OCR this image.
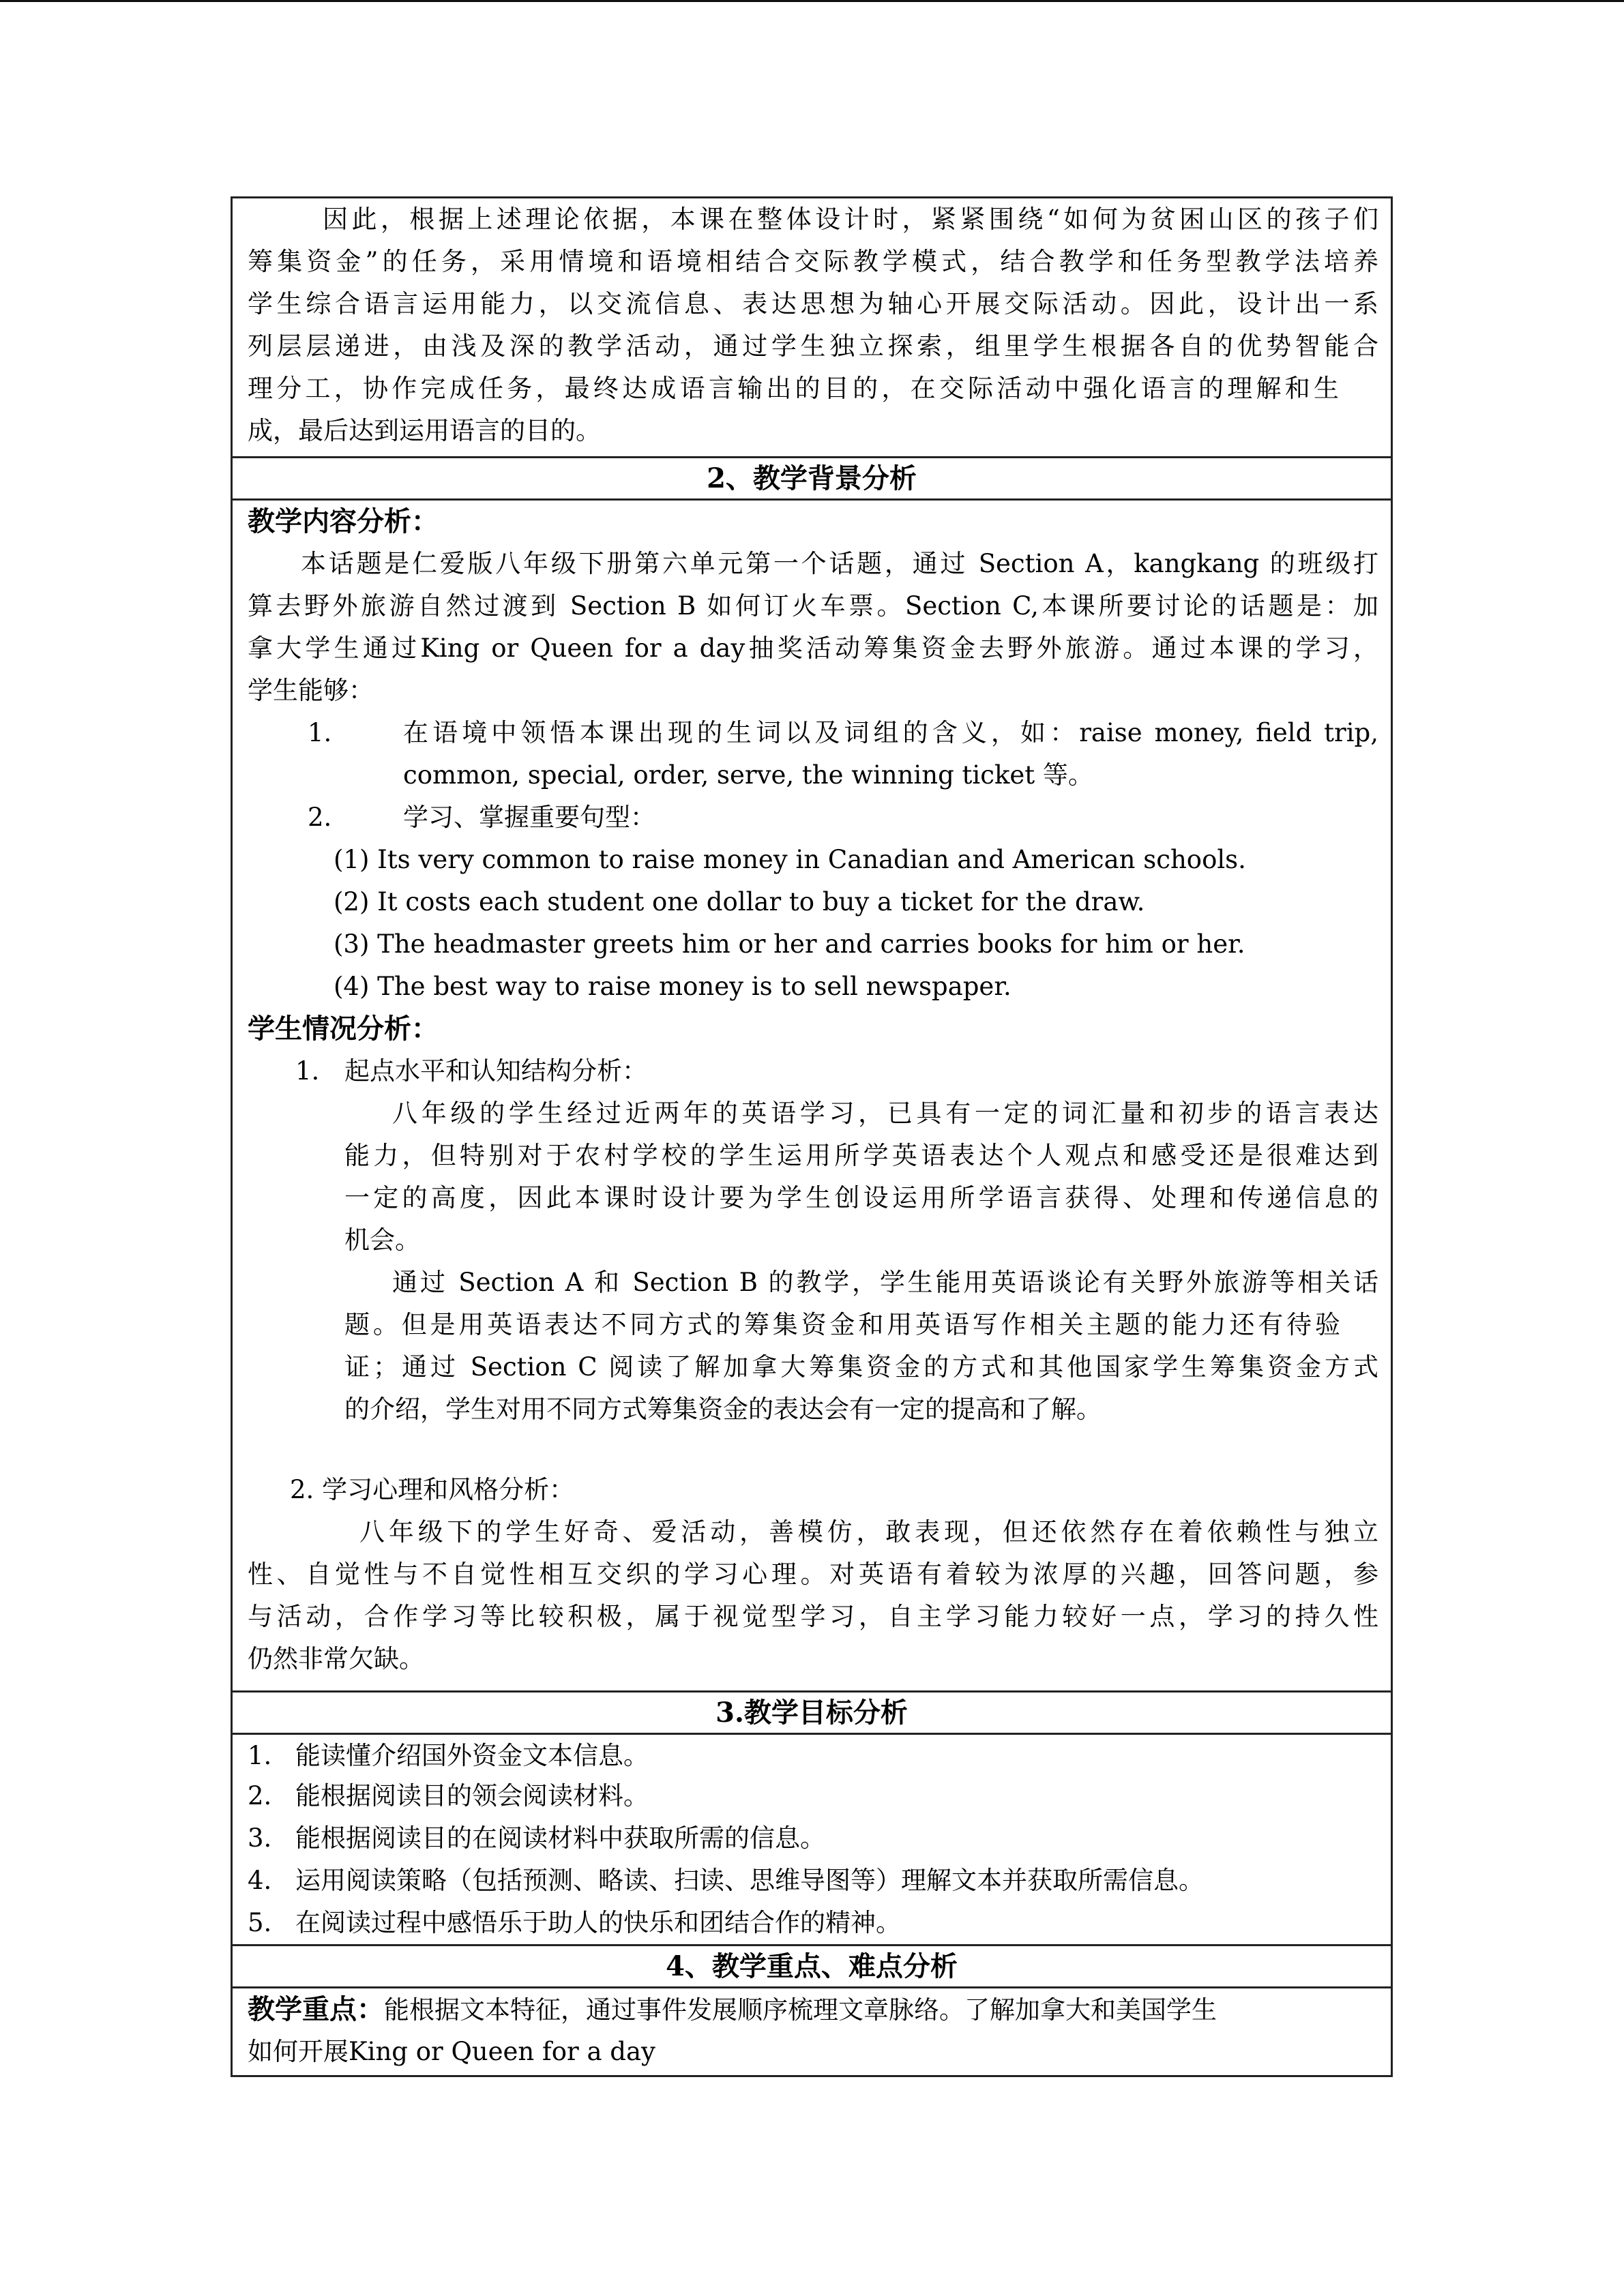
因此，根据上述理论依据，本课在整体设计时，紧紧围绕“如何为贫困山区的孩子们
筹集资金”的任务，采用情境和语境相结合交际教学模式，结合教学和任务型教学法培养
学生综合语言运用能力，以交流信息、表达思想为轴心开展交际活动。因此，设计出一系
列层层递进，由浅及深的教学活动，通过学生独立探索，组里学生根据各自的优势智能合
理分工，协作完成任务，最终达成语言输出的目的，在交际活动中强化语言的理解和生
成，最后达到运用语言的目的。
2、教学背景分析
教学内容分析：
本话题是仁爱版八年级下册第六单元第一个话题，通过 Section A，kangkang 的班级打
算去野外旅游自然过渡到 Section B 如何订火车票。Section C,本课所要讨论的话题是：加
拿大学生通过King or Queen for a day抽奖活动筹集资金去野外旅游。通过本课的学习，
学生能够：
1.	在语境中领悟本课出现的生词以及词组的含义，如：raise money, field trip,
common, special, order, serve, the winning ticket 等。
2.	学习、掌握重要句型：
(1) Its very common to raise money in Canadian and American schools.
(2) It costs each student one dollar to buy a ticket for the draw.
(3) The headmaster greets him or her and carries books for him or her.
(4) The best way to raise money is to sell newspaper.
学生情况分析：
1. 起点水平和认知结构分析：
八年级的学生经过近两年的英语学习，已具有一定的词汇量和初步的语言表达
能力，但特别对于农村学校的学生运用所学英语表达个人观点和感受还是很难达到
一定的高度，因此本课时设计要为学生创设运用所学语言获得、处理和传递信息的
机会。
通过 Section A 和 Section B 的教学，学生能用英语谈论有关野外旅游等相关话
题。但是用英语表达不同方式的筹集资金和用英语写作相关主题的能力还有待验
证；通过 Section C 阅读了解加拿大筹集资金的方式和其他国家学生筹集资金方式
的介绍，学生对用不同方式筹集资金的表达会有一定的提高和了解。
2. 学习心理和风格分析：
八年级下的学生好奇、爱活动，善模仿，敢表现，但还依然存在着依赖性与独立
性、自觉性与不自觉性相互交织的学习心理。对英语有着较为浓厚的兴趣，回答问题，参
与活动，合作学习等比较积极，属于视觉型学习，自主学习能力较好一点，学习的持久性
仍然非常欠缺。
3.教学目标分析
1. 能读懂介绍国外资金文本信息。
2. 能根据阅读目的领会阅读材料。
3. 能根据阅读目的在阅读材料中获取所需的信息。
4. 运用阅读策略（包括预测、略读、扫读、思维导图等）理解文本并获取所需信息。
5. 在阅读过程中感悟乐于助人的快乐和团结合作的精神。
4、教学重点、难点分析
教学重点：能根据文本特征，通过事件发展顺序梳理文章脉络。了解加拿大和美国学生
如何开展King or Queen for a day
